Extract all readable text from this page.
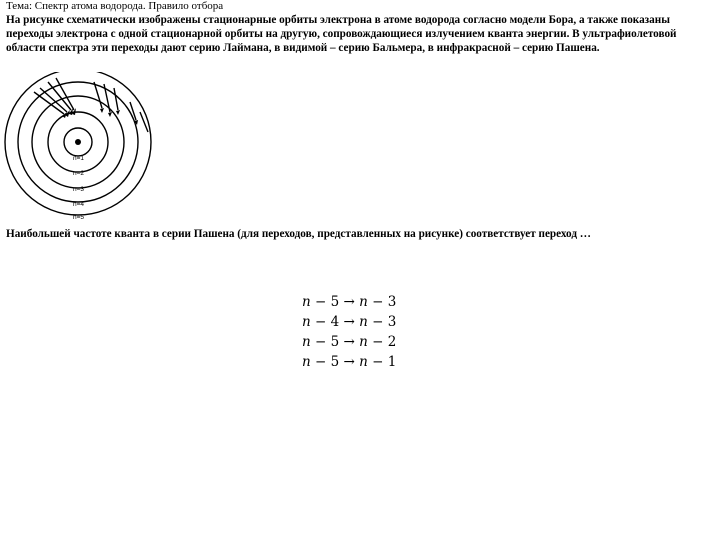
Тема: Спектр атома водорода. Правило отбора
На рисунке схематически изображены стационарные орбиты электрона в атоме водорода согласно модели Бора, а также показаны переходы электрона с одной стационарной орбиты на другую, сопровождающиеся излучением кванта энергии. В ультрафиолетовой области спектра эти переходы дают серию Лаймана, в видимой – серию Бальмера, в инфракрасной – серию Пашена.
n=1
n=2
n=3
n=4
n=5
Наибольшей частоте кванта в серии Пашена (для переходов, представленных на рисунке) соответствует переход …
n − 5 → n − 3
n − 4 → n − 3
n − 5 → n − 2
n − 5 → n − 1
